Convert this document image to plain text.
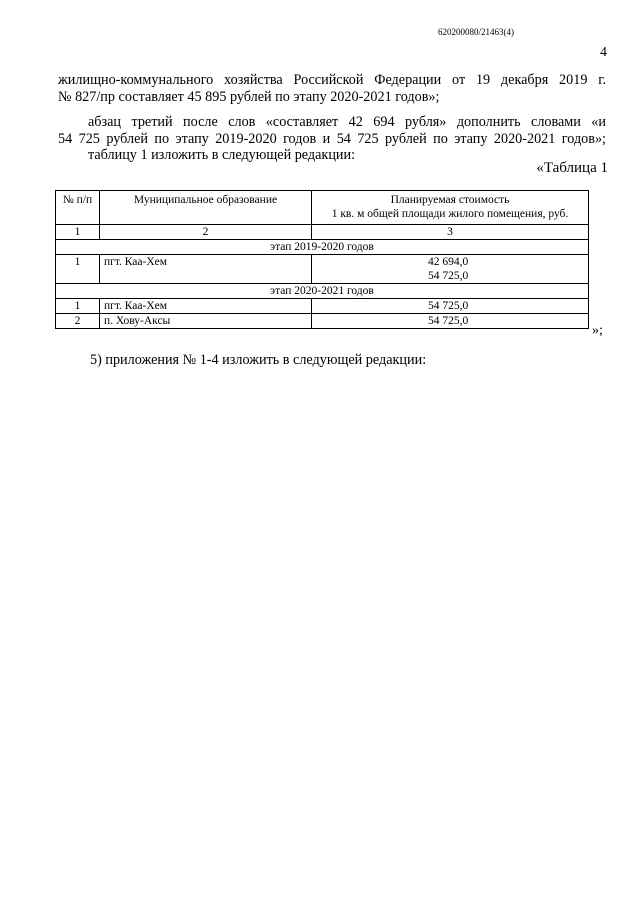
620200080/21463(4)
4
жилищно-коммунального хозяйства Российской Федерации от 19 декабря 2019 г.
№ 827/пр составляет 45 895 рублей по этапу 2020-2021 годов»;
абзац третий после слов «составляет 42 694 рубля» дополнить словами «и
54 725 рублей по этапу 2019-2020 годов и 54 725 рублей по этапу 2020-2021 годов»;
таблицу 1 изложить в следующей редакции:
«Таблица 1
№ п/п	Муниципальное образование	Планируемая стоимость
1 кв. м общей площади жилого помещения, руб.

1	2	3
этап 2019-2020 годов		
1	пгт. Каа-Хем	42 694,0
54 725,0

этап 2020-2021 годов		
1	пгт. Каа-Хем	54 725,0
2	п. Хову-Аксы	54 725,0
»;
5) приложения № 1-4 изложить в следующей редакции:
